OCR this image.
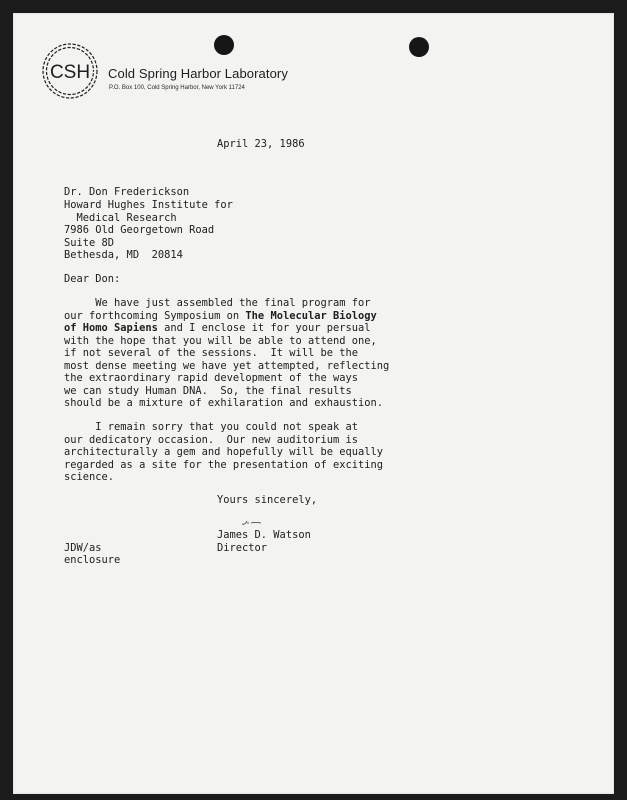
CSH Cold Spring Harbor Laboratory
P.O. Box 100, Cold Spring Harbor, New York 11724
April 23, 1986
Dr. Don Frederickson
Howard Hughes Institute for
Medical Research
7986 Old Georgetown Road
Suite 8D
Bethesda, MD  20814
Dear Don:
We have just assembled the final program for
our forthcoming Symposium on The Molecular Biology
of Homo Sapiens and I enclose it for your persual
with the hope that you will be able to attend one,
if not several of the sessions.  It will be the
most dense meeting we have yet attempted, reflecting
the extraordinary rapid development of the ways
we can study Human DNA.  So, the final results
should be a mixture of exhilaration and exhaustion.
I remain sorry that you could not speak at
our dedicatory occasion.  Our new auditorium is
architecturally a gem and hopefully will be equally
regarded as a site for the presentation of exciting
science.
Yours sincerely,
James D. Watson
Director
JDW/as
enclosure
